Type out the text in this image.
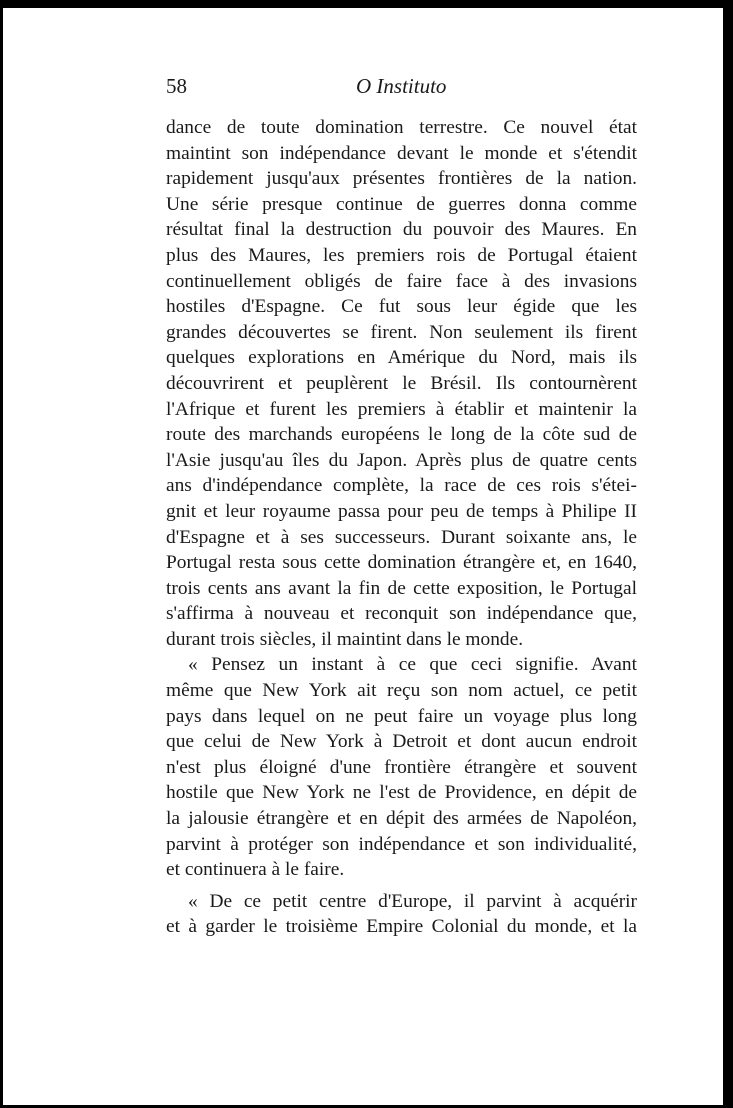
58	O Instituto
dance de toute domination terrestre. Ce nouvel état
maintint son indépendance devant le monde et s'étendit
rapidement jusqu'aux présentes frontières de la nation.
Une série presque continue de guerres donna comme
résultat final la destruction du pouvoir des Maures. En
plus des Maures, les premiers rois de Portugal étaient
continuellement obligés de faire face à des invasions
hostiles d'Espagne. Ce fut sous leur égide que les
grandes découvertes se firent. Non seulement ils firent
quelques explorations en Amérique du Nord, mais ils
découvrirent et peuplèrent le Brésil. Ils contournèrent
l'Afrique et furent les premiers à établir et maintenir la
route des marchands européens le long de la côte sud de
l'Asie jusqu'au îles du Japon. Après plus de quatre cents
ans d'indépendance complète, la race de ces rois s'étei-
gnit et leur royaume passa pour peu de temps à Philipe II
d'Espagne et à ses successeurs. Durant soixante ans, le
Portugal resta sous cette domination étrangère et, en 1640,
trois cents ans avant la fin de cette exposition, le Portugal
s'affirma à nouveau et reconquit son indépendance que,
durant trois siècles, il maintint dans le monde.
« Pensez un instant à ce que ceci signifie. Avant
même que New York ait reçu son nom actuel, ce petit
pays dans lequel on ne peut faire un voyage plus long
que celui de New York à Detroit et dont aucun endroit
n'est plus éloigné d'une frontière étrangère et souvent
hostile que New York ne l'est de Providence, en dépit de
la jalousie étrangère et en dépit des armées de Napoléon,
parvint à protéger son indépendance et son individualité,
et continuera à le faire.
« De ce petit centre d'Europe, il parvint à acquérir
et à garder le troisième Empire Colonial du monde, et la
